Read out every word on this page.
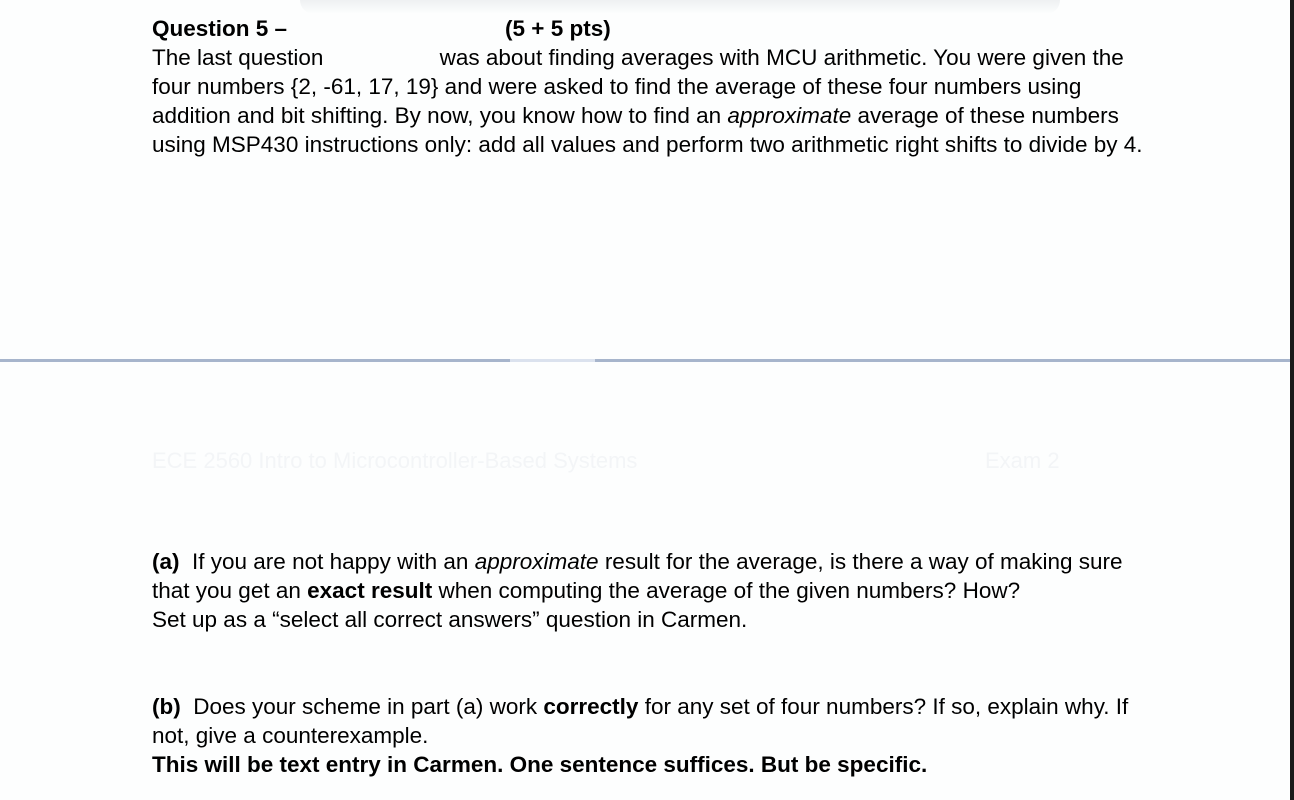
Question 5 –	(5 + 5 pts)
The last question	was about finding averages with MCU arithmetic. You were given the four numbers {2, -61, 17, 19} and were asked to find the average of these four numbers using addition and bit shifting. By now, you know how to find an approximate average of these numbers using MSP430 instructions only: add all values and perform two arithmetic right shifts to divide by 4.
ECE 2560 Intro to Microcontroller-Based Systems	Exam 2
(a) If you are not happy with an approximate result for the average, is there a way of making sure that you get an exact result when computing the average of the given numbers? How?
Set up as a “select all correct answers” question in Carmen.
(b) Does your scheme in part (a) work correctly for any set of four numbers? If so, explain why. If not, give a counterexample.
This will be text entry in Carmen. One sentence suffices. But be specific.
